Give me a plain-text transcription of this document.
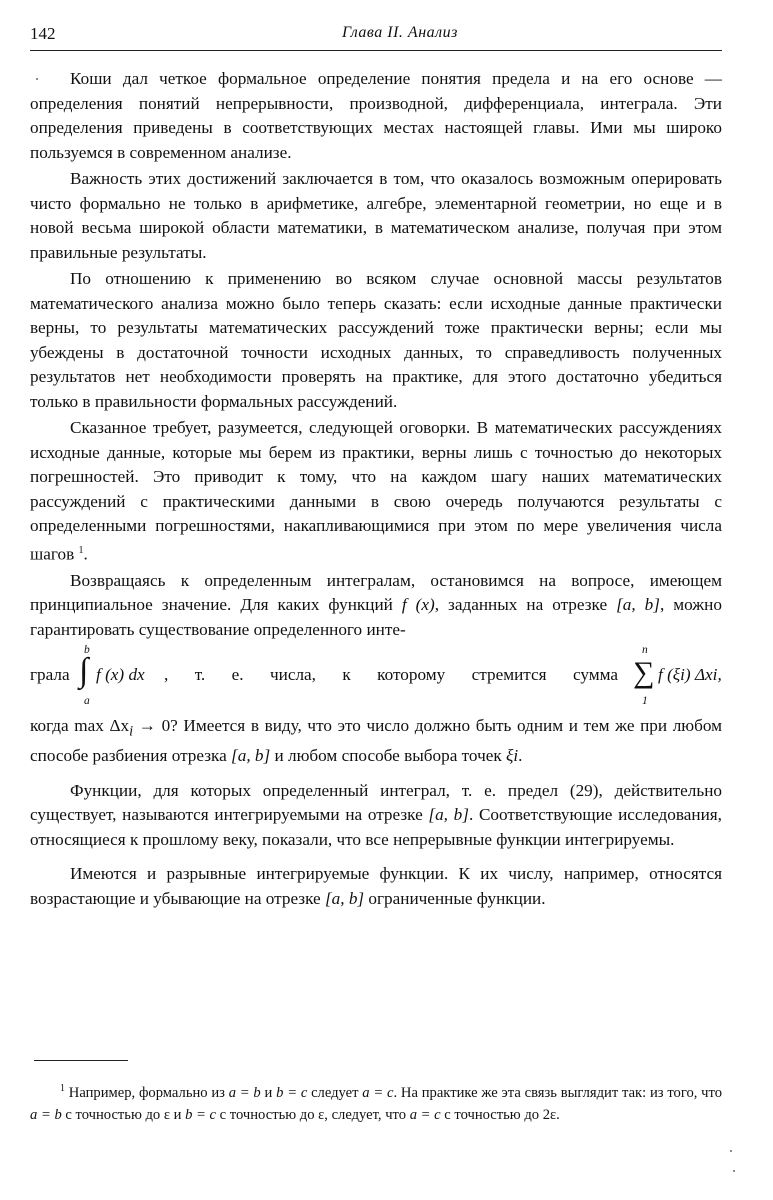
142	Глава II. Анализ

Коши дал четкое формальное определение понятия предела и на его основе — определения понятий непрерывности, производной, дифференциала, интеграла. Эти определения приведены в соответствующих местах настоящей главы. Ими мы широко пользуемся в современном анализе.

Важность этих достижений заключается в том, что оказалось возможным оперировать чисто формально не только в арифметике, алгебре, элементарной геометрии, но еще и в новой весьма широкой области математики, в математическом анализе, получая при этом правильные результаты.

По отношению к применению во всяком случае основной массы результатов математического анализа можно было теперь сказать: если исходные данные практически верны, то результаты математических рассуждений тоже практически верны; если мы убеждены в достаточной точности исходных данных, то справедливость полученных результатов нет необходимости проверять на практике, для этого достаточно убедиться только в правильности формальных рассуждений.

Сказанное требует, разумеется, следующей оговорки. В математических рассуждениях исходные данные, которые мы берем из практики, верны лишь с точностью до некоторых погрешностей. Это приводит к тому, что на каждом шагу наших математических рассуждений с практическими данными в свою очередь получаются результаты с определенными погрешностями, накапливающимися при этом по мере увеличения числа шагов $^1$.

Возвращаясь к определенным интегралам, остановимся на вопросе, имеющем принципиальное значение. Для каких функций f (x), заданных на отрезке [a, b], можно гарантировать существование определенного инте-

грала
b
∫
a
f (x) dx , т. е. числа, к которому стремится сумма
n
∑
1
f (ξi) Δxi,

когда $\max \Delta x_i \to 0$? Имеется в виду, что это число должно быть одним и тем же при любом способе разбиения отрезка [a, b] и любом способе выбора точек ξi.

Функции, для которых определенный интеграл, т. е. предел (29), действительно существует, называются интегрируемыми на отрезке [a, b]. Соответствующие исследования, относящиеся к прошлому веку, показали, что все непрерывные функции интегрируемы.

Имеются и разрывные интегрируемые функции. К их числу, например, относятся возрастающие и убывающие на отрезке [a, b] ограниченные функции.

$^1$ Например, формально из a = b и b = c следует a = c. На практике же эта связь выглядит так: из того, что a = b с точностью до ε и b = c с точностью до ε, следует, что a = c с точностью до 2ε.
